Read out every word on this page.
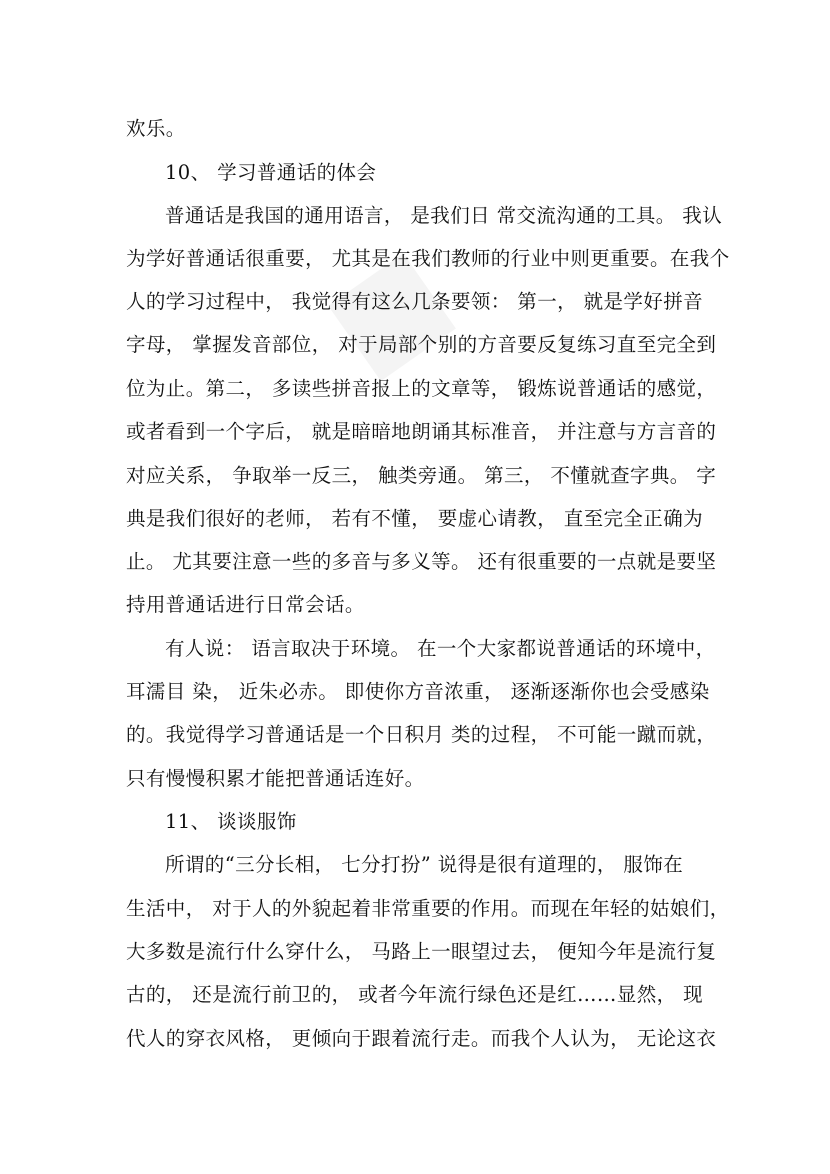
欢乐。
10、 学习普通话的体会
普通话是我国的通用语言， 是我们日 常交流沟通的工具。 我认
为学好普通话很重要， 尤其是在我们教师的行业中则更重要。在我个
人的学习过程中， 我觉得有这么几条要领： 第一， 就是学好拼音
字母， 掌握发音部位， 对于局部个别的方音要反复练习直至完全到
位为止。第二， 多读些拼音报上的文章等， 锻炼说普通话的感觉，
或者看到一个字后， 就是暗暗地朗诵其标准音， 并注意与方言音的
对应关系， 争取举一反三， 触类旁通。 第三， 不懂就查字典。 字
典是我们很好的老师， 若有不懂， 要虚心请教， 直至完全正确为
止。 尤其要注意一些的多音与多义等。 还有很重要的一点就是要坚
持用普通话进行日常会话。
有人说： 语言取决于环境。 在一个大家都说普通话的环境中，
耳濡目 染， 近朱必赤。 即使你方音浓重， 逐渐逐渐你也会受感染
的。我觉得学习普通话是一个日积月 类的过程， 不可能一蹴而就，
只有慢慢积累才能把普通话连好。
11、 谈谈服饰
所谓的“三分长相， 七分打扮” 说得是很有道理的， 服饰在
生活中， 对于人的外貌起着非常重要的作用。而现在年轻的姑娘们，
大多数是流行什么穿什么， 马路上一眼望过去， 便知今年是流行复
古的， 还是流行前卫的， 或者今年流行绿色还是红……显然， 现
代人的穿衣风格， 更倾向于跟着流行走。而我个人认为， 无论这衣
